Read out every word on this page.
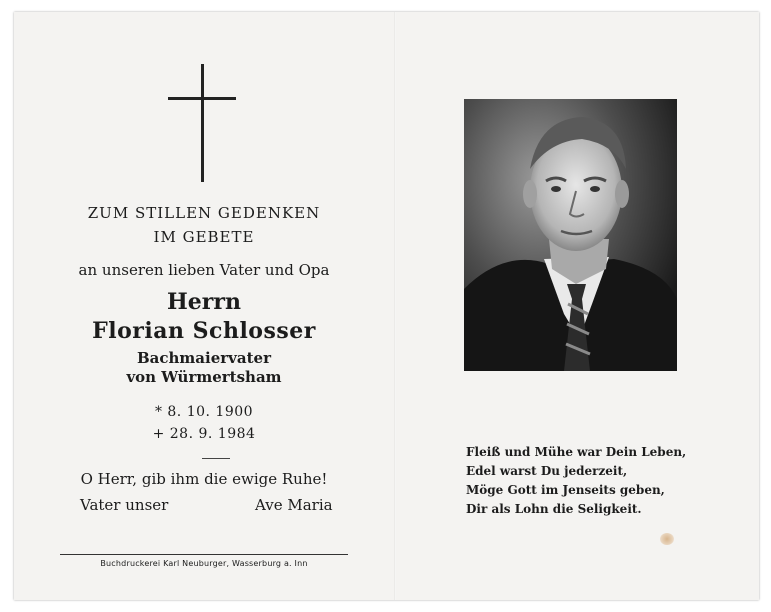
ZUM STILLEN GEDENKEN
IM GEBETE
an unseren lieben Vater und Opa
Herrn
Florian Schlosser
Bachmaiervater
von Würmertsham
* 8. 10. 1900
+ 28. 9. 1984
O Herr, gib ihm die ewige Ruhe!
Vater unser	Ave Maria
Buchdruckerei Karl Neuburger, Wasserburg a. Inn
Fleiß und Mühe war Dein Leben,
Edel warst Du jederzeit,
Möge Gott im Jenseits geben,
Dir als Lohn die Seligkeit.
